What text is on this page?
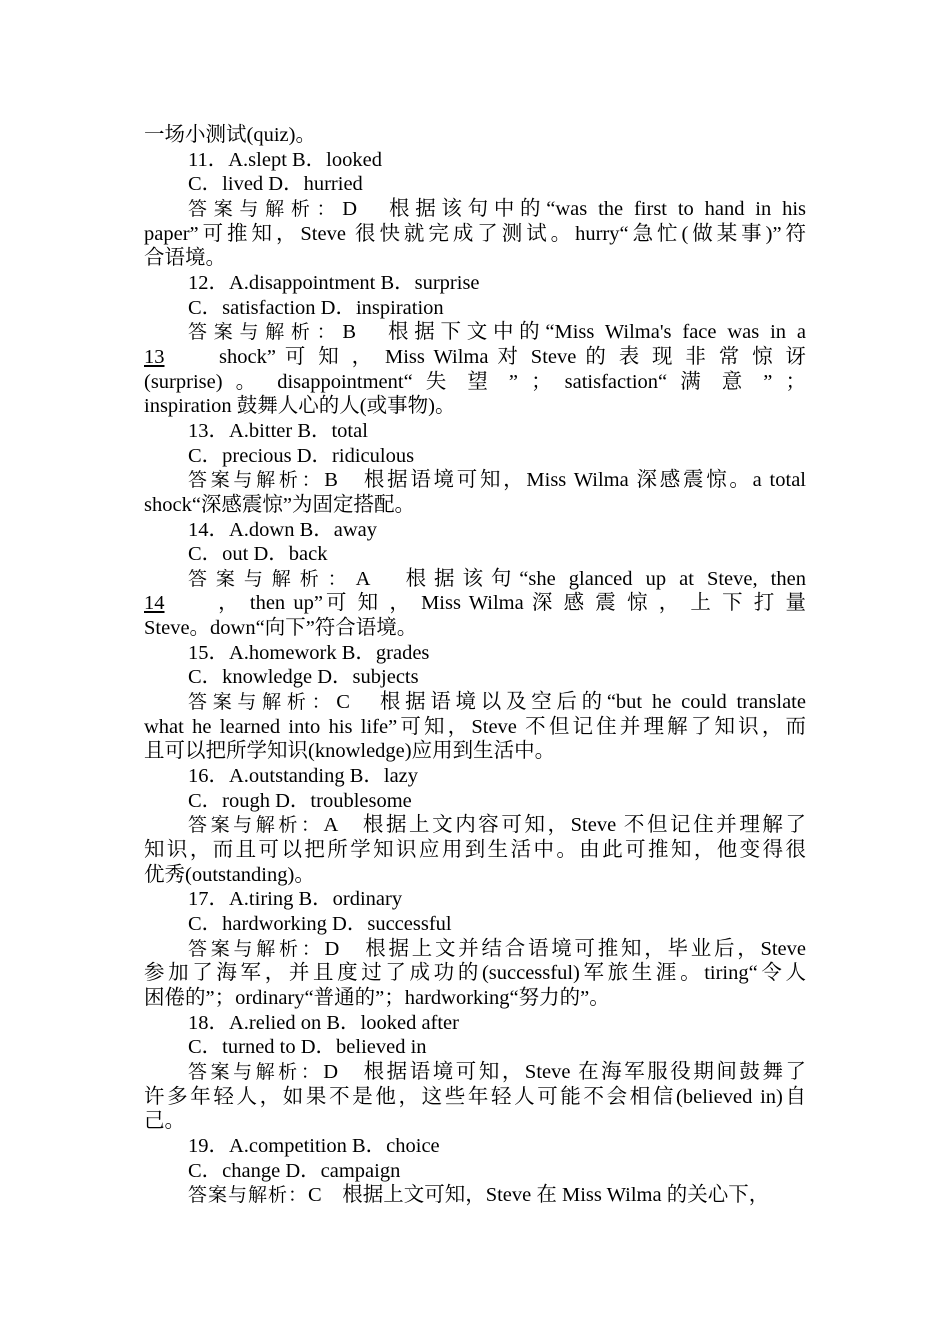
一场小测试(quiz)。
11．A.slept B．looked
C．lived D．hurried
答案与解析：D　根据该句中的“was the first to hand in his
paper”可推知，Steve 很快就完成了测试。hurry“急忙(做某事)”符
合语境。
12．A.disappointment B．surprise
C．satisfaction D．inspiration
答案与解析：B　根据下文中的“Miss Wilma's face was in a
13	shock” 可 知 ， Miss Wilma 对 Steve 的 表 现 非 常 惊 讶
(surprise) 。 disappointment“ 失 望 ” ； satisfaction“ 满 意 ” ；
inspiration 鼓舞人心的人(或事物)。
13．A.bitter B．total
C．precious D．ridiculous
答案与解析：B　根据语境可知，Miss Wilma 深感震惊。a total
shock“深感震惊”为固定搭配。
14．A.down B．away
C．out D．back
答案与解析：A　根据该句“she glanced up at Steve, then
14	， then up”可 知 ， Miss Wilma 深 感 震 惊 ， 上 下 打 量
Steve。down“向下”符合语境。
15．A.homework B．grades
C．knowledge D．subjects
答案与解析：C　根据语境以及空后的“but he could translate
what he learned into his life”可知，Steve 不但记住并理解了知识，而
且可以把所学知识(knowledge)应用到生活中。
16．A.outstanding B．lazy
C．rough D．troublesome
答案与解析：A　根据上文内容可知，Steve 不但记住并理解了
知识，而且可以把所学知识应用到生活中。由此可推知，他变得很
优秀(outstanding)。
17．A.tiring B．ordinary
C．hardworking D．successful
答案与解析：D　根据上文并结合语境可推知，毕业后，Steve
参加了海军，并且度过了成功的(successful)军旅生涯。tiring“令人
困倦的”；ordinary“普通的”；hardworking“努力的”。
18．A.relied on B．looked after
C．turned to D．believed in
答案与解析：D　根据语境可知，Steve 在海军服役期间鼓舞了
许多年轻人，如果不是他，这些年轻人可能不会相信(believed in)自
己。
19．A.competition B．choice
C．change D．campaign
答案与解析：C　根据上文可知，Steve 在 Miss Wilma 的关心下，
